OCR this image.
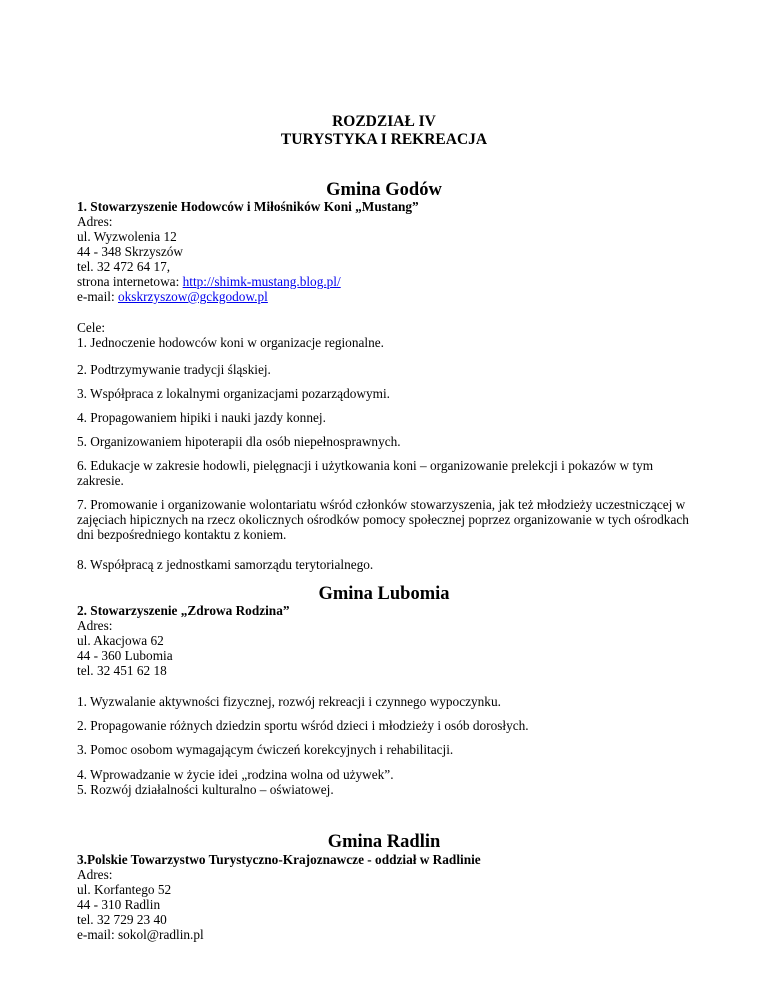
ROZDZIAŁ IV
TURYSTYKA I REKREACJA
Gmina Godów
1. Stowarzyszenie Hodowców i Miłośników Koni „Mustang”
Adres:
ul. Wyzwolenia 12
44 - 348 Skrzyszów
tel. 32 472 64 17,
strona internetowa: http://shimk-mustang.blog.pl/
e-mail: okskrzyszow@gckgodow.pl
Cele:
1. Jednoczenie hodowców koni w organizacje regionalne.
2. Podtrzymywanie tradycji śląskiej.
3. Współpraca z lokalnymi organizacjami pozarządowymi.
4. Propagowaniem hipiki i nauki jazdy konnej.
5. Organizowaniem hipoterapii dla osób niepełnosprawnych.
6. Edukacje w zakresie hodowli, pielęgnacji i użytkowania koni – organizowanie prelekcji i pokazów w tym zakresie.
7. Promowanie i organizowanie wolontariatu wśród członków stowarzyszenia, jak też młodzieży uczestniczącej w zajęciach hipicznych na rzecz okolicznych ośrodków pomocy społecznej poprzez organizowanie w tych ośrodkach dni bezpośredniego kontaktu z koniem.
8. Współpracą z jednostkami samorządu terytorialnego.
Gmina Lubomia
2. Stowarzyszenie „Zdrowa Rodzina”
Adres:
ul. Akacjowa 62
44 - 360 Lubomia
tel. 32 451 62 18
1. Wyzwalanie aktywności fizycznej, rozwój rekreacji i czynnego wypoczynku.
2. Propagowanie różnych dziedzin sportu wśród dzieci i młodzieży i osób dorosłych.
3. Pomoc osobom wymagającym ćwiczeń korekcyjnych i rehabilitacji.
4. Wprowadzanie w życie idei „rodzina wolna od używek”.
5. Rozwój działalności kulturalno – oświatowej.
Gmina Radlin
3.Polskie Towarzystwo Turystyczno-Krajoznawcze - oddział w Radlinie
Adres:
ul. Korfantego 52
44 - 310 Radlin
tel. 32 729 23 40
e-mail: sokol@radlin.pl
